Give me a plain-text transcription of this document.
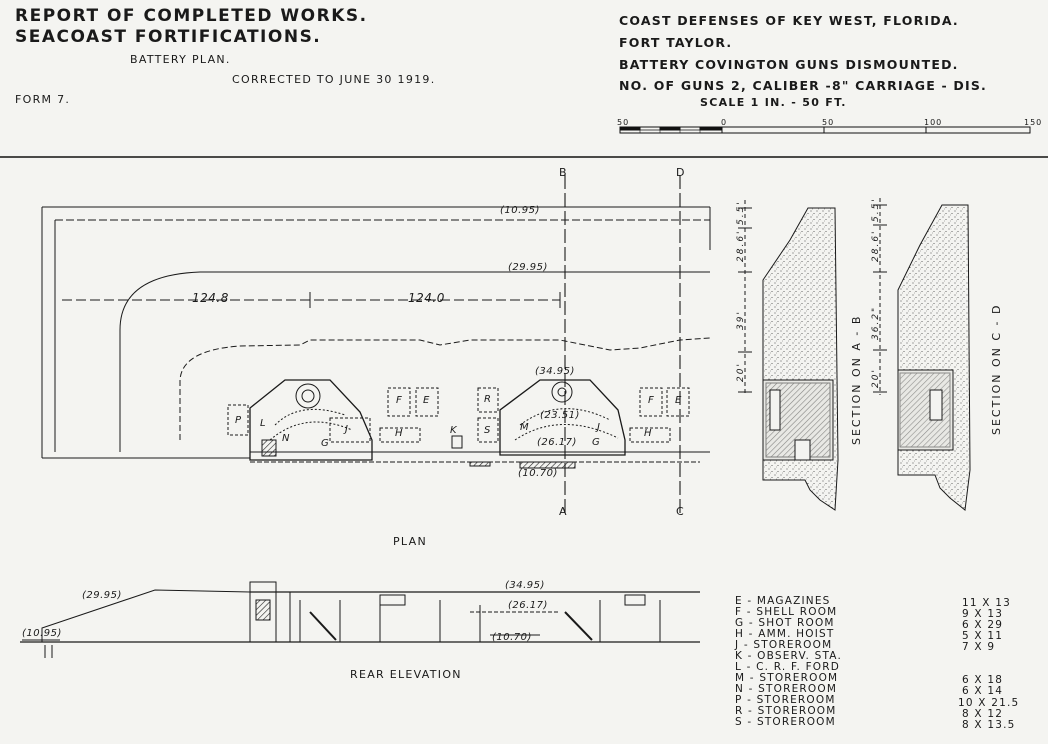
REPORT OF COMPLETED WORKS.
SEACOAST FORTIFICATIONS.
BATTERY PLAN.
CORRECTED TO JUNE 30 1919.
FORM 7.
COAST DEFENSES OF KEY WEST, FLORIDA.
FORT TAYLOR.
BATTERY COVINGTON GUNS DISMOUNTED.
NO. OF GUNS 2, CALIBER -8" CARRIAGE - DIS.
SCALE 1 IN. - 50 FT.
50	0	50	100	150
(10.95)
(29.95)
124.8	124.0
(34.95)
(23.51)
(26.17)
(10.70)
B	D
A	C
P L
N	G
J
F E
H	K
R
S	M	J
G
F E
H
PLAN
SECTION ON A - B	SECTION ON C - D
5.5'
28.6'
39'
20'
5.5'
28.6'
36.2"
20'
(29.95)
(10.95)
(34.95)
(26.17)
(10.70)
REAR ELEVATION
E - MAGAZINES	11 X 13
F - SHELL ROOM	9 X 13
G - SHOT ROOM	6 X 29
H - AMM. HOIST	5 X 11
J - STOREROOM	7 X 9
K - OBSERV. STA.
L - C. R. F. FORD
M - STOREROOM	6 X 18
N - STOREROOM	6 X 14
P - STOREROOM	10 X 21.5
R - STOREROOM	8 X 12
S - STOREROOM	8 X 13.5
